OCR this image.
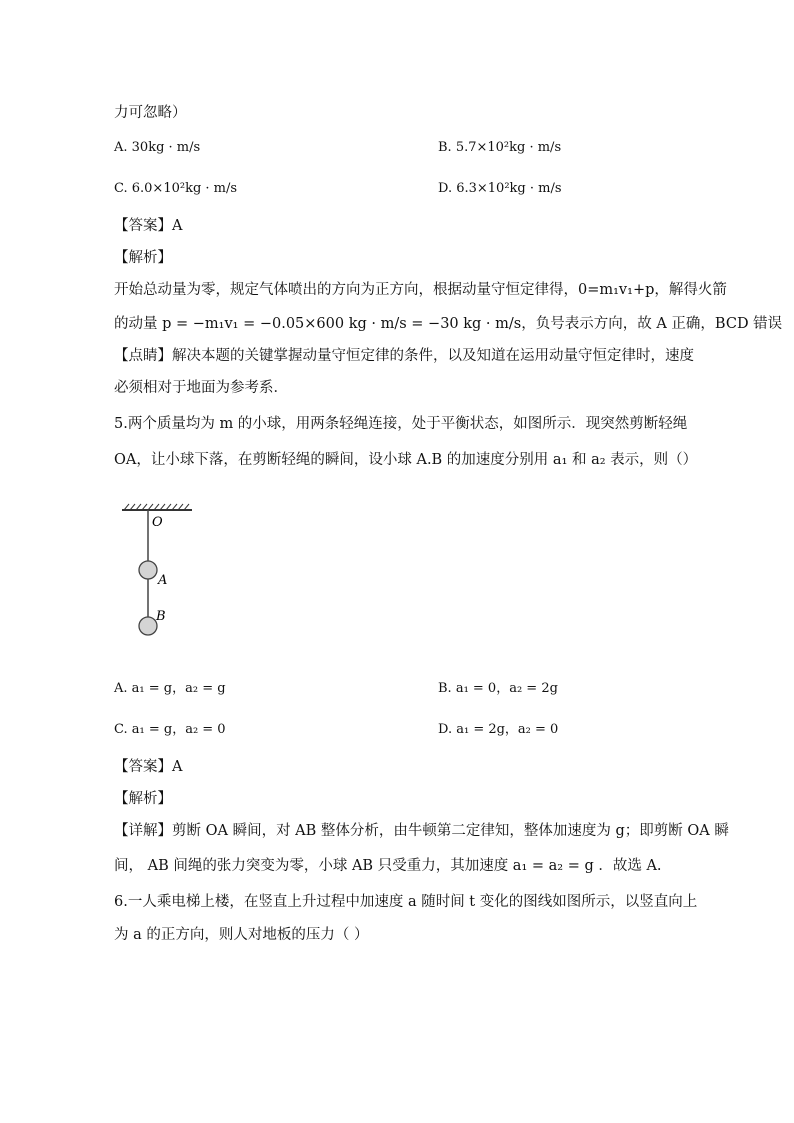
力可忽略）
A. 30kg · m/s	B. 5.7×10²kg · m/s
C. 6.0×10²kg · m/s	D. 6.3×10²kg · m/s
【答案】A
【解析】
开始总动量为零，规定气体喷出的方向为正方向，根据动量守恒定律得，0=m₁v₁+p，解得火箭
的动量 p = −m₁v₁ = −0.05×600 kg · m/s = −30 kg · m/s，负号表示方向，故 A 正确，BCD 错误
【点睛】解决本题的关键掌握动量守恒定律的条件，以及知道在运用动量守恒定律时，速度
必须相对于地面为参考系．
5.两个质量均为 m 的小球，用两条轻绳连接，处于平衡状态，如图所示．现突然剪断轻绳
OA，让小球下落，在剪断轻绳的瞬间，设小球 A.B 的加速度分别用 a₁ 和 a₂ 表示，则（）
O
A
B
A. a₁ = g，a₂ = g	B. a₁ = 0，a₂ = 2g
C. a₁ = g，a₂ = 0	D. a₁ = 2g，a₂ = 0
【答案】A
【解析】
【详解】剪断 OA 瞬间，对 AB 整体分析，由牛顿第二定律知，整体加速度为 g；即剪断 OA 瞬
间， AB 间绳的张力突变为零，小球 AB 只受重力，其加速度 a₁ = a₂ = g ．故选 A.
6.一人乘电梯上楼，在竖直上升过程中加速度 a 随时间 t 变化的图线如图所示，以竖直向上
为 a 的正方向，则人对地板的压力（ ）
